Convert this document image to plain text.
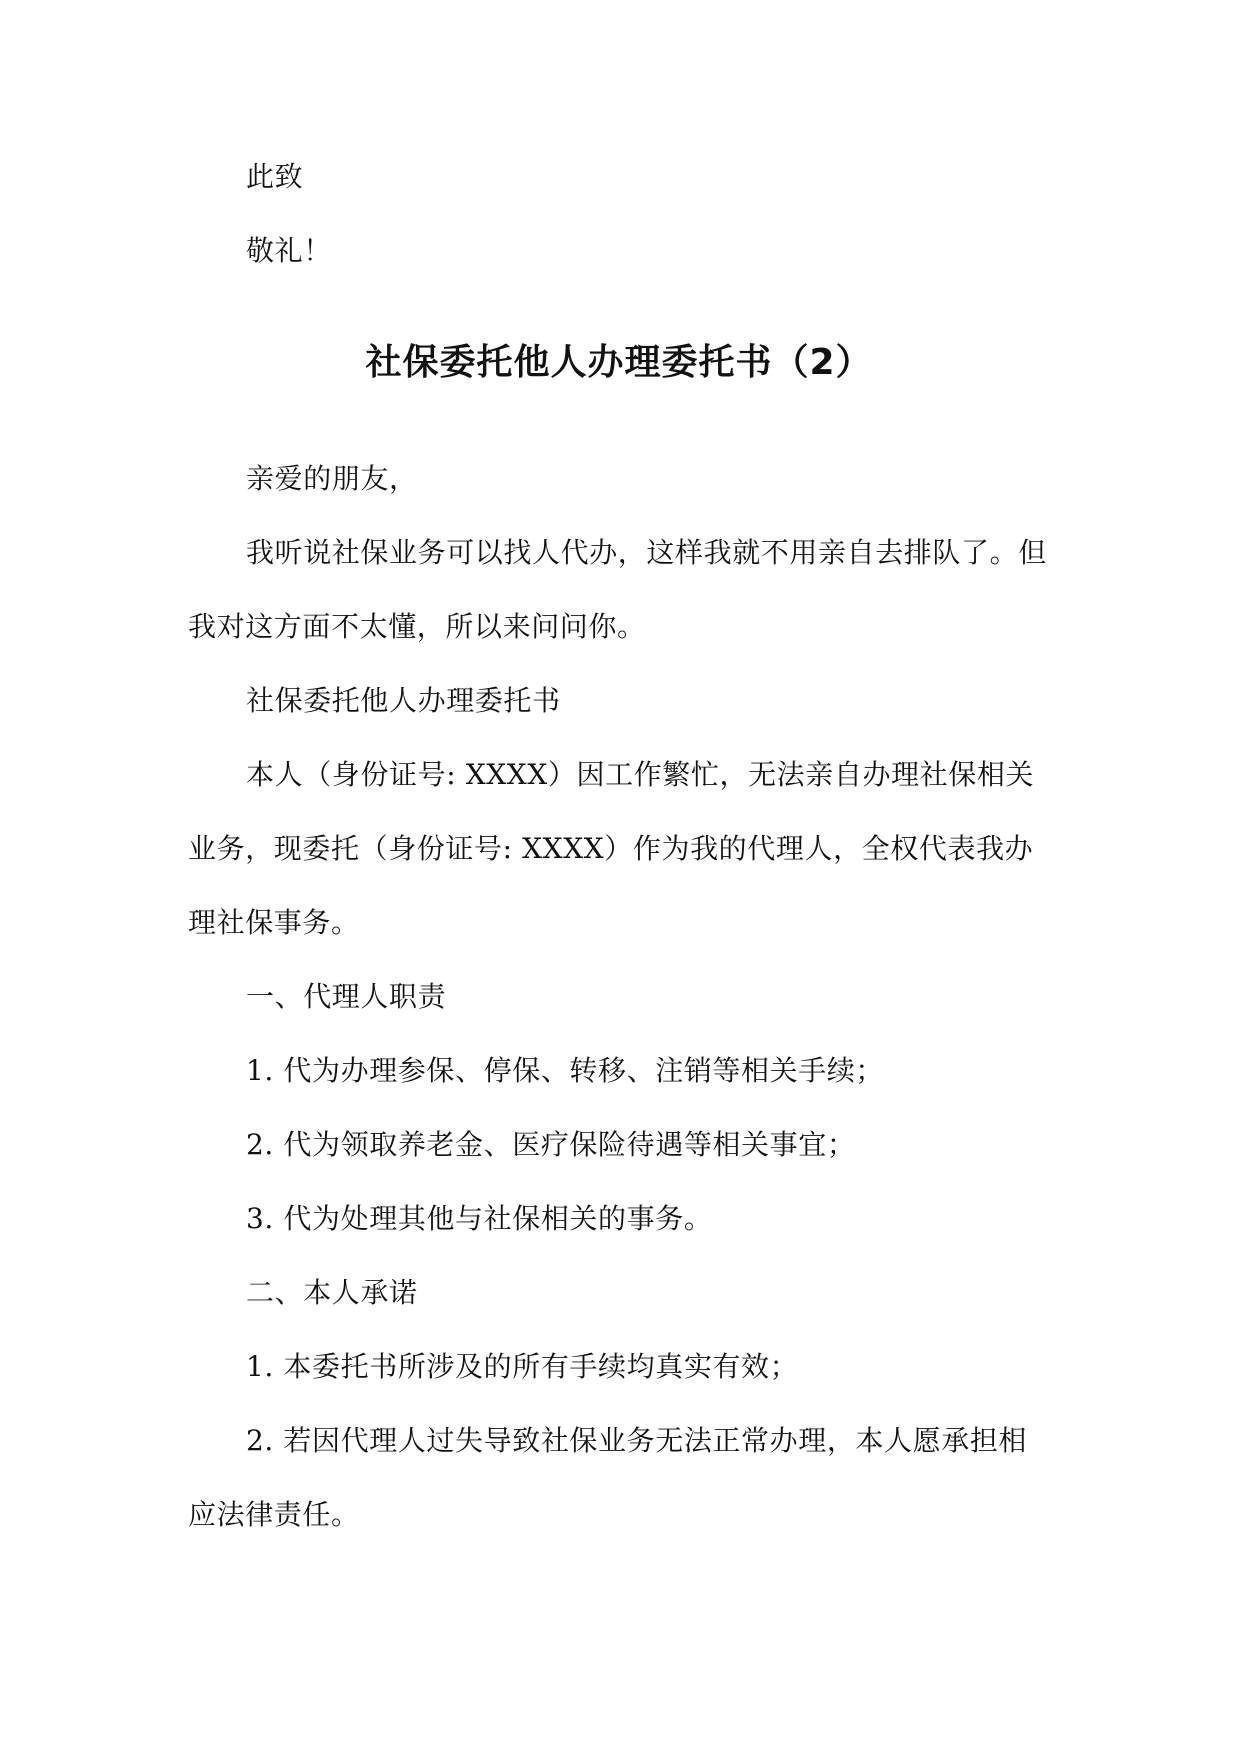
此致

敬礼！

社保委托他人办理委托书（2）

亲爱的朋友，

我听说社保业务可以找人代办，这样我就不用亲自去排队了。但我对这方面不太懂，所以来问问你。

社保委托他人办理委托书

本人（身份证号: XXXX）因工作繁忙，无法亲自办理社保相关业务，现委托（身份证号: XXXX）作为我的代理人，全权代表我办理社保事务。

一、代理人职责

1. 代为办理参保、停保、转移、注销等相关手续；

2. 代为领取养老金、医疗保险待遇等相关事宜；

3. 代为处理其他与社保相关的事务。

二、本人承诺

1. 本委托书所涉及的所有手续均真实有效；

2. 若因代理人过失导致社保业务无法正常办理，本人愿承担相应法律责任。
